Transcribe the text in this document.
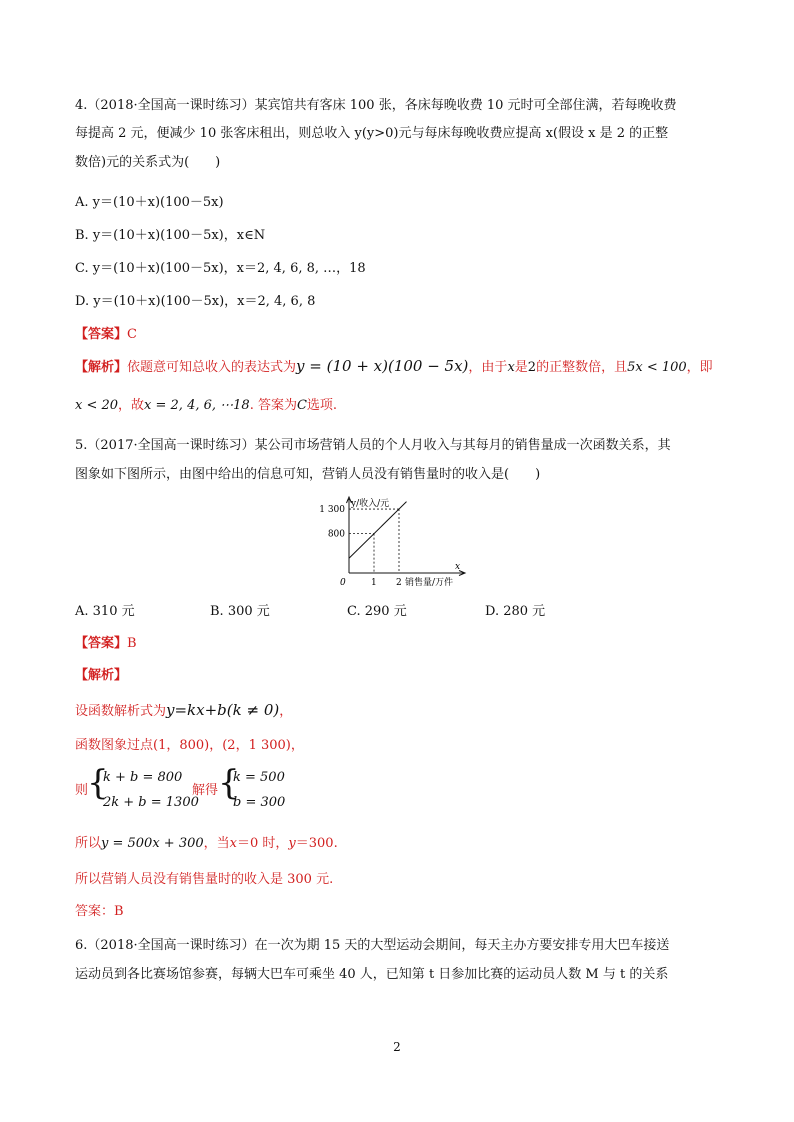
4.（2018·全国高一课时练习）某宾馆共有客床 100 张，各床每晚收费 10 元时可全部住满，若每晚收费
每提高 2 元，便减少 10 张客床租出，则总收入 y(y>0)元与每床每晚收费应提高 x(假设 x 是 2 的正整
数倍)元的关系式为(　　)
A. y＝(10＋x)(100－5x)
B. y＝(10＋x)(100－5x)，x∈N
C. y＝(10＋x)(100－5x)，x＝2, 4, 6, 8, …，18
D. y＝(10＋x)(100－5x)，x＝2, 4, 6, 8
【答案】C
【解析】依题意可知总收入的表达式为y = (10 + x)(100 − 5x)，由于x是2的正整数倍，且5x < 100，即
x < 20，故x = 2, 4, 6, ⋯18. 答案为C选项.
5.（2017·全国高一课时练习）某公司市场营销人员的个人月收入与其每月的销售量成一次函数关系，其
图象如下图所示，由图中给出的信息可知，营销人员没有销售量时的收入是(　　)
y/收入/元
x
0	1 2 销售量/万件
800
1 300
A. 310 元	B. 300 元	C. 290 元	D. 280 元
【答案】B
【解析】
设函数解析式为y=kx+b(k ≠ 0)，
函数图象过点(1，800)，(2，1 300)，
则
{
k + b = 800
2k + b = 1300
解得 {
k = 500
b = 300
所以y = 500x + 300，当x＝0 时，y＝300.
所以营销人员没有销售量时的收入是 300 元.
答案：B
6.（2018·全国高一课时练习）在一次为期 15 天的大型运动会期间，每天主办方要安排专用大巴车接送
运动员到各比赛场馆参赛，每辆大巴车可乘坐 40 人，已知第 t 日参加比赛的运动员人数 M 与 t 的关系
2
